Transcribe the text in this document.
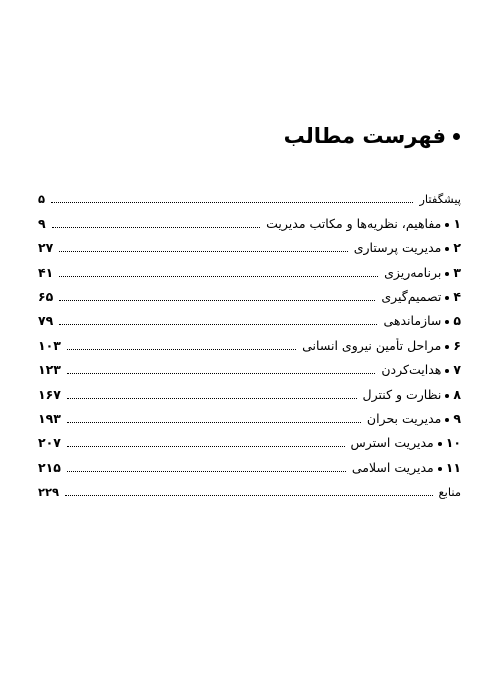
فهرست مطالب
پیشگفتار
۵
۱
مفاهیم، نظریه‌ها و مکاتب مدیریت
۹
۲
مدیریت پرستاری
۲۷
۳
برنامه‌ریزی
۴۱
۴
تصمیم‌گیری
۶۵
۵
سازماندهی
۷۹
۶
مراحل تأمین نیروی انسانی
۱۰۳
۷
هدایت‌کردن
۱۲۳
۸
نظارت و کنترل
۱۶۷
۹
مدیریت بحران
۱۹۳
۱۰
مدیریت استرس
۲۰۷
۱۱
مدیریت اسلامی
۲۱۵
منابع
۲۲۹
